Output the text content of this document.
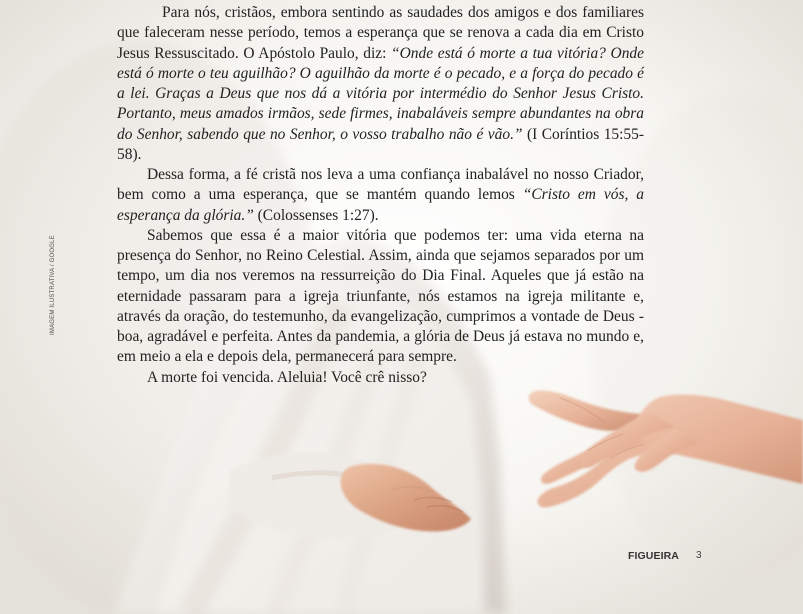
IMAGEM ILUSTRATIVA / GOOGLE

Para nós, cristãos, embora sentindo as saudades dos amigos e dos familiares que faleceram nesse período, temos a esperança que se renova a cada dia em Cristo Jesus Ressuscitado. O Apóstolo Paulo, diz: “Onde está ó morte a tua vitória? Onde está ó morte o teu aguilhão? O aguilhão da morte é o pecado, e a força do pecado é a lei. Graças a Deus que nos dá a vitória por intermédio do Senhor Jesus Cristo. Portanto, meus amados irmãos, sede firmes, inabaláveis sempre abundantes na obra do Senhor, sabendo que no Senhor, o vosso trabalho não é vão.” (I Coríntios 15:55-58).

Dessa forma, a fé cristã nos leva a uma confiança inabalável no nosso Criador, bem como a uma esperança, que se mantém quando lemos “Cristo em vós, a esperança da glória.” (Colossenses 1:27).

Sabemos que essa é a maior vitória que podemos ter: uma vida eterna na presença do Senhor, no Reino Celestial. Assim, ainda que sejamos separados por um tempo, um dia nos veremos na ressurreição do Dia Final. Aqueles que já estão na eternidade passaram para a igreja triunfante, nós estamos na igreja militante e, através da oração, do testemunho, da evangelização, cumprimos a vontade de Deus - boa, agradável e perfeita. Antes da pandemia, a glória de Deus já estava no mundo e, em meio a ela e depois dela, permanecerá para sempre.

A morte foi vencida. Aleluia! Você crê nisso?

FIGUEIRA 3
